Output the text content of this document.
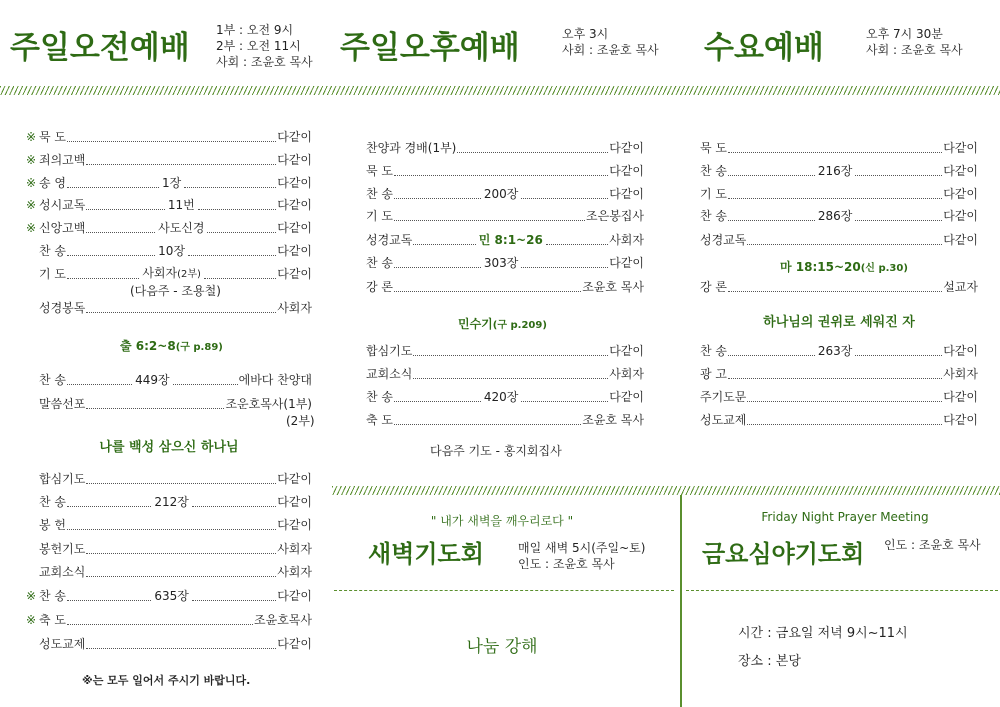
주일오전예배 1부 : 오전 9시
2부 : 오전 11시
사회 : 조윤호 목사 주일오후예배	오후 3시
사회 : 조윤호 목사 수요예배	오후 7시 30분
사회 : 조윤호 목사
※ 묵 도	다같이
※ 죄의고백	다같이
※ 송 영	1장	다같이
※ 성시교독	11번	다같이
※ 신앙고백	사도신경	다같이
찬 송	10장	다같이
기 도	사회자(2부)	다같이
(다음주 - 조용철)
성경봉독	사회자
출 6:2~8(구 p.89)
찬 송	449장	에바다 찬양대
말씀선포	조운호목사(1부)
(2부)
나를 백성 삼으신 하나님
합심기도	다같이
찬 송	212장	다같이
봉 헌	다같이
봉헌기도	사회자
교회소식	사회자
※ 찬 송	635장	다같이
※ 축 도	조윤호목사
성도교제	다같이
※는 모두 일어서 주시기 바랍니다.
찬양과 경배(1부)	다같이
묵 도	다같이
찬 송	200장	다같이
기 도	조은봉집사
성경교독	민 8:1~26	사회자
찬 송	303장	다같이
강 론	조윤호 목사
민수기(구 p.209)
합심기도	다같이
교회소식	사회자
찬 송	420장	다같이
축 도	조윤호 목사
다음주 기도 - 홍지회집사
묵 도	다같이
찬 송	216장	다같이
기 도	다같이
찬 송	286장	다같이
성경교독	다같이
마 18:15~20(신 p.30)
강 론	설교자
하나님의 권위로 세워진 자
찬 송	263장	다같이
광 고	사회자
주기도문	다같이
성도교제	다같이
" 내가 새벽을 깨우리로다 "
새벽기도회	매일 새벽 5시(주일~토)
인도 : 조윤호 목사
나눔 강해
Friday Night Prayer Meeting
금요심야기도회 인도 : 조윤호 목사
시간 : 금요일 저녁 9시~11시
장소 : 본당
